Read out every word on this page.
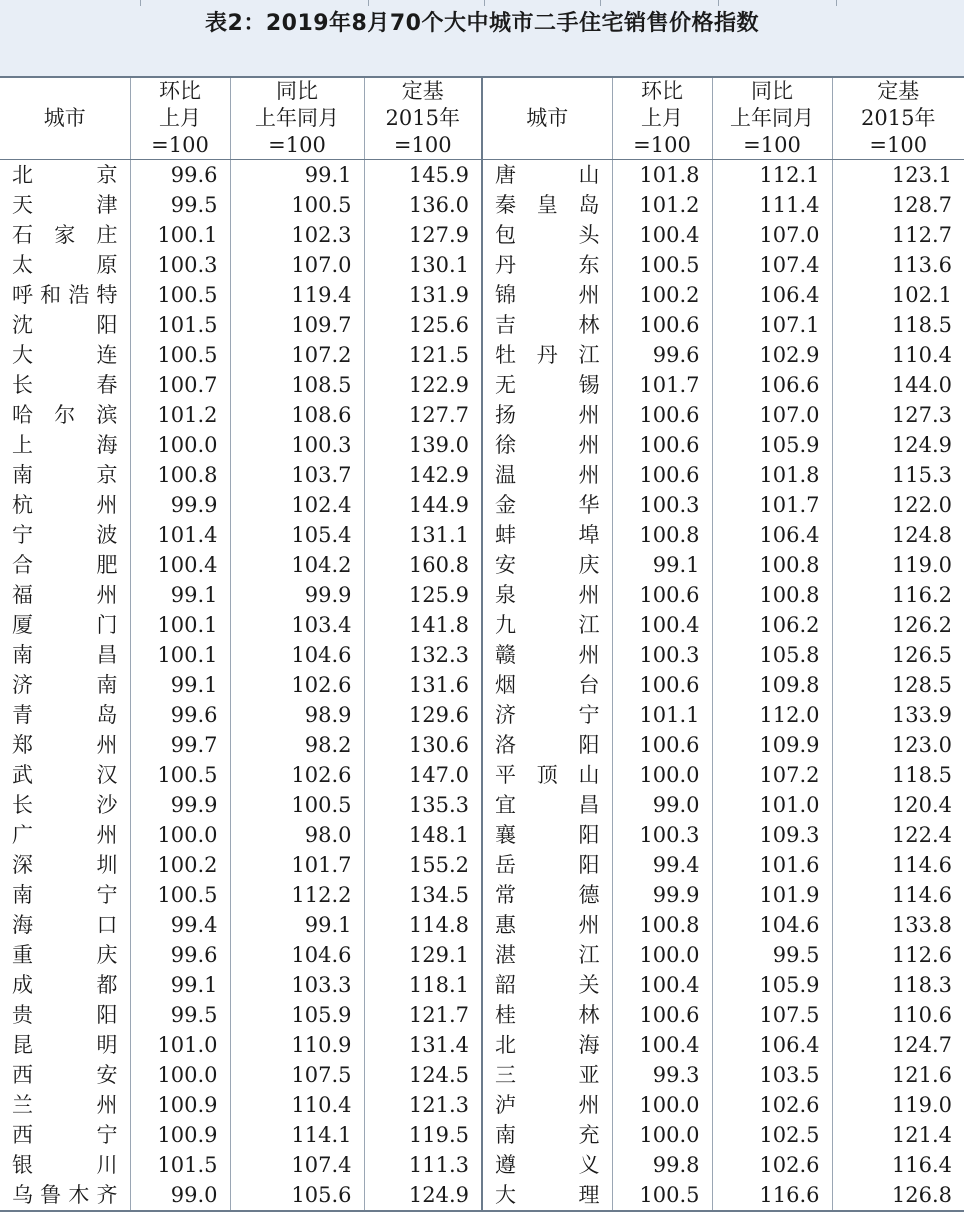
表2：2019年8月70个大中城市二手住宅销售价格指数
城市	环比
上月
=100	同比
上年同月
=100	定基
2015年
=100	城市	环比
上月
=100	同比
上年同月
=100	定基
2015年
=100

北京	99.6	99.1	145.9	唐山	101.8	112.1	123.1
天津	99.5	100.5	136.0	秦皇岛	101.2	111.4	128.7
石家庄	100.1	102.3	127.9	包头	100.4	107.0	112.7
太原	100.3	107.0	130.1	丹东	100.5	107.4	113.6
呼和浩特	100.5	119.4	131.9	锦州	100.2	106.4	102.1
沈阳	101.5	109.7	125.6	吉林	100.6	107.1	118.5
大连	100.5	107.2	121.5	牡丹江	99.6	102.9	110.4
长春	100.7	108.5	122.9	无锡	101.7	106.6	144.0
哈尔滨	101.2	108.6	127.7	扬州	100.6	107.0	127.3
上海	100.0	100.3	139.0	徐州	100.6	105.9	124.9
南京	100.8	103.7	142.9	温州	100.6	101.8	115.3
杭州	99.9	102.4	144.9	金华	100.3	101.7	122.0
宁波	101.4	105.4	131.1	蚌埠	100.8	106.4	124.8
合肥	100.4	104.2	160.8	安庆	99.1	100.8	119.0
福州	99.1	99.9	125.9	泉州	100.6	100.8	116.2
厦门	100.1	103.4	141.8	九江	100.4	106.2	126.2
南昌	100.1	104.6	132.3	赣州	100.3	105.8	126.5
济南	99.1	102.6	131.6	烟台	100.6	109.8	128.5
青岛	99.6	98.9	129.6	济宁	101.1	112.0	133.9
郑州	99.7	98.2	130.6	洛阳	100.6	109.9	123.0
武汉	100.5	102.6	147.0	平顶山	100.0	107.2	118.5
长沙	99.9	100.5	135.3	宜昌	99.0	101.0	120.4
广州	100.0	98.0	148.1	襄阳	100.3	109.3	122.4
深圳	100.2	101.7	155.2	岳阳	99.4	101.6	114.6
南宁	100.5	112.2	134.5	常德	99.9	101.9	114.6
海口	99.4	99.1	114.8	惠州	100.8	104.6	133.8
重庆	99.6	104.6	129.1	湛江	100.0	99.5	112.6
成都	99.1	103.3	118.1	韶关	100.4	105.9	118.3
贵阳	99.5	105.9	121.7	桂林	100.6	107.5	110.6
昆明	101.0	110.9	131.4	北海	100.4	106.4	124.7
西安	100.0	107.5	124.5	三亚	99.3	103.5	121.6
兰州	100.9	110.4	121.3	泸州	100.0	102.6	119.0
西宁	100.9	114.1	119.5	南充	100.0	102.5	121.4
银川	101.5	107.4	111.3	遵义	99.8	102.6	116.4
乌鲁木齐	99.0	105.6	124.9	大理	100.5	116.6	126.8
